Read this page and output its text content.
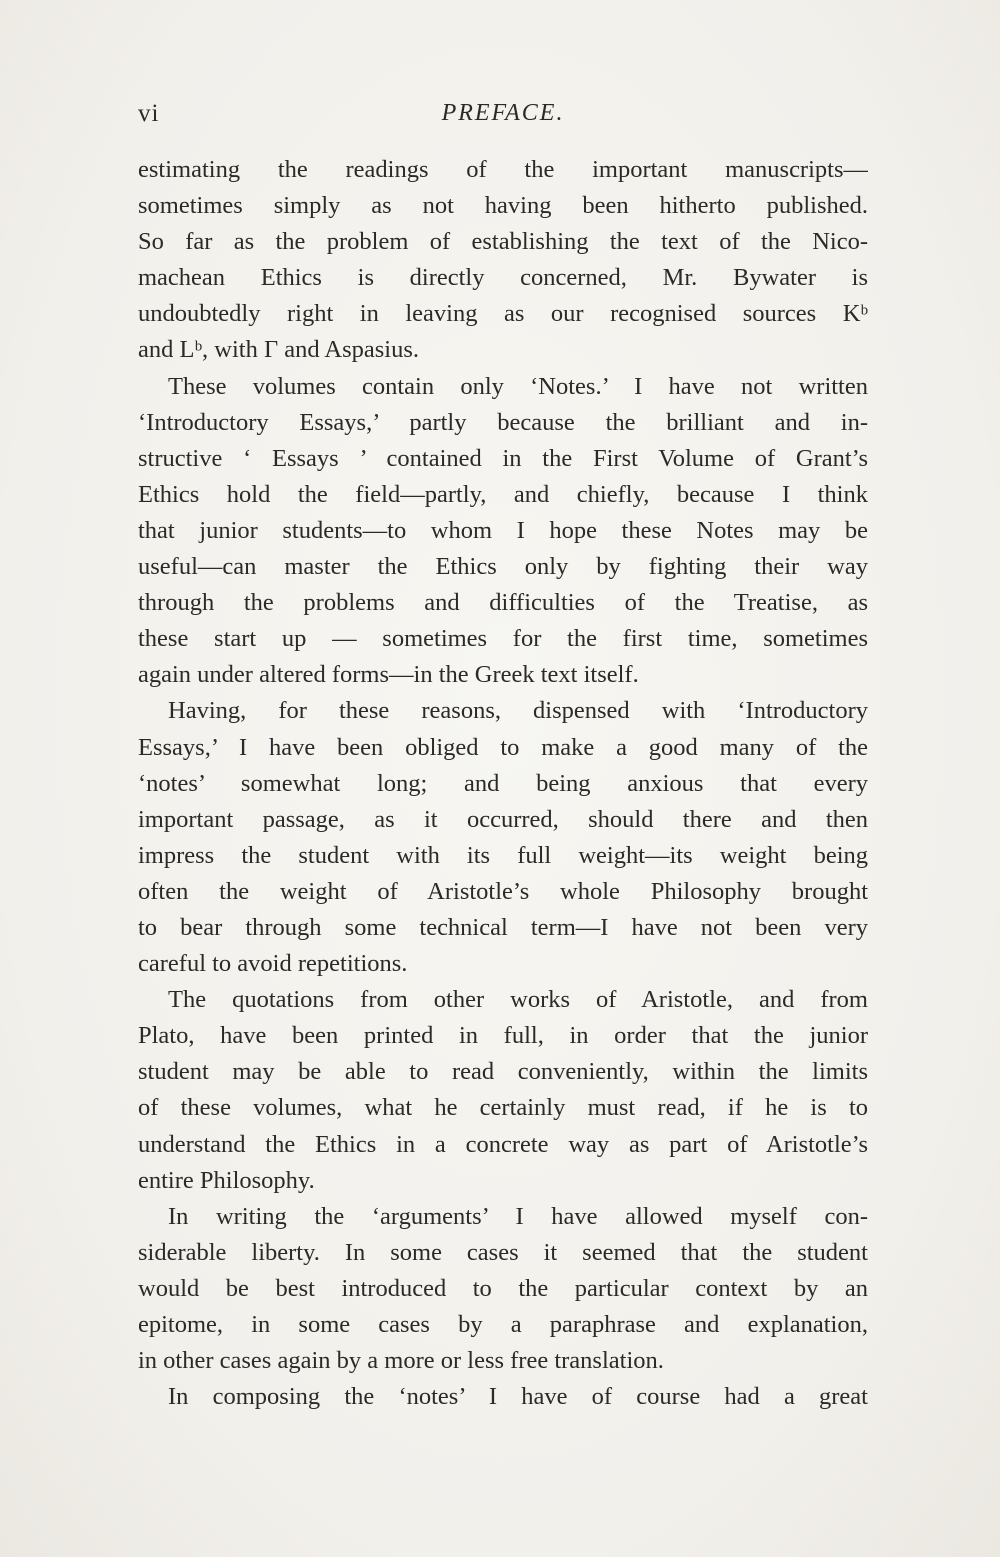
vi	PREFACE.
estimating the readings of the important manuscripts—
sometimes simply as not having been hitherto published.
So far as the problem of establishing the text of the Nico-
machean Ethics is directly concerned, Mr. Bywater is
undoubtedly right in leaving as our recognised sources Kᵇ
and Lᵇ, with Γ and Aspasius.
These volumes contain only ‘Notes.’ I have not written
‘Introductory Essays,’ partly because the brilliant and in-
structive ‘ Essays ’ contained in the First Volume of Grant’s
Ethics hold the field—partly, and chiefly, because I think
that junior students—to whom I hope these Notes may be
useful—can master the Ethics only by fighting their way
through the problems and difficulties of the Treatise, as
these start up — sometimes for the first time, sometimes
again under altered forms—in the Greek text itself.
Having, for these reasons, dispensed with ‘Introductory
Essays,’ I have been obliged to make a good many of the
‘notes’ somewhat long; and being anxious that every
important passage, as it occurred, should there and then
impress the student with its full weight—its weight being
often the weight of Aristotle’s whole Philosophy brought
to bear through some technical term—I have not been very
careful to avoid repetitions.
The quotations from other works of Aristotle, and from
Plato, have been printed in full, in order that the junior
student may be able to read conveniently, within the limits
of these volumes, what he certainly must read, if he is to
understand the Ethics in a concrete way as part of Aristotle’s
entire Philosophy.
In writing the ‘arguments’ I have allowed myself con-
siderable liberty. In some cases it seemed that the student
would be best introduced to the particular context by an
epitome, in some cases by a paraphrase and explanation,
in other cases again by a more or less free translation.
In composing the ‘notes’ I have of course had a great
